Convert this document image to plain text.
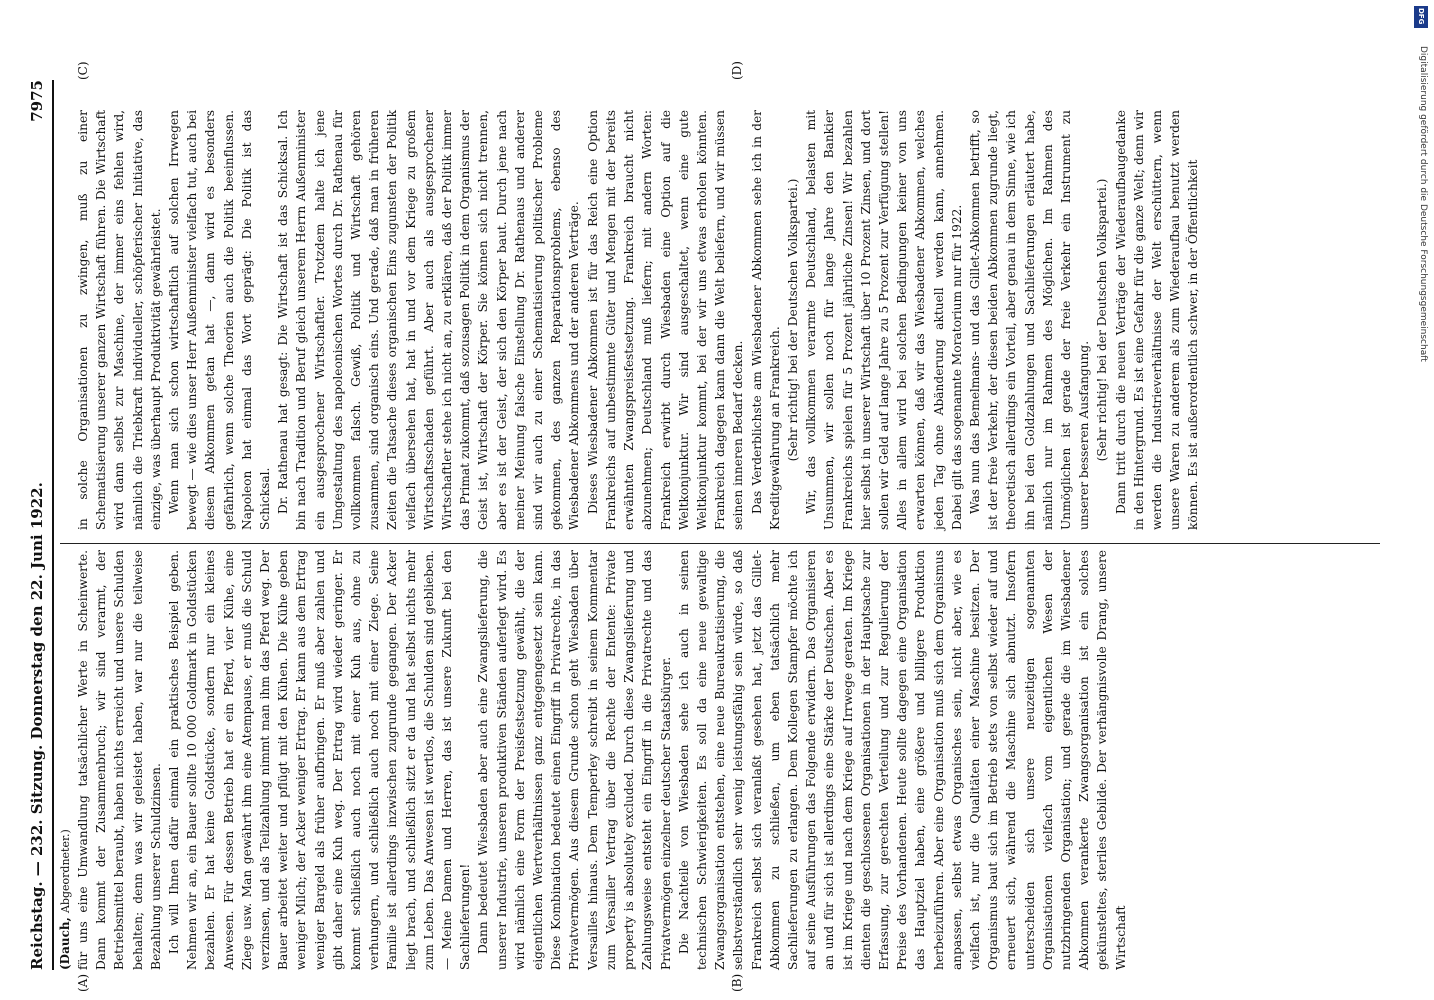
Reichstag. — 232. Sitzung. Donnerstag den 22. Juni 1922.
7975
(Dauch, Abgeordneter.)
(A)	(B)
(C)	(D)

für uns eine Umwandlung tatsächlicher Werte in Scheinwerte. Dann kommt der Zusammenbruch; wir sind verarmt, der Betriebsmittel beraubt, haben nichts erreicht und unsere Schulden behalten; denn was wir geleistet haben, war nur die teilweise Bezahlung unserer Schuldzinsen. Ich will Ihnen dafür einmal ein praktisches Beispiel geben. Nehmen wir an, ein Bauer sollte 10 000 Goldmark in Goldstücken bezahlen. Er hat keine Goldstücke, sondern nur ein kleines Anwesen. Für dessen Betrieb hat er ein Pferd, vier Kühe, eine Ziege usw. Man gewährt ihm eine Atempause, er muß die Schuld verzinsen, und als Teilzahlung nimmt man ihm das Pferd weg. Der Bauer arbeitet weiter und pflügt mit den Kühen. Die Kühe geben weniger Milch; der Acker weniger Ertrag. Er kann aus dem Ertrag weniger Bargeld als früher aufbringen. Er muß aber zahlen und gibt daher eine Kuh weg. Der Ertrag wird wieder geringer. Er kommt schließlich auch noch mit einer Kuh aus, ohne zu verhungern, und schließlich auch noch mit einer Ziege. Seine Familie ist allerdings inzwischen zugrunde gegangen. Der Acker liegt brach, und schließlich sitzt er da und hat selbst nichts mehr zum Leben. Das Anwesen ist wertlos, die Schulden sind geblieben. — Meine Damen und Herren, das ist unsere Zukunft bei den Sachlieferungen! Dann bedeutet Wiesbaden aber auch eine Zwangslieferung, die unserer Industrie, unseren produktiven Ständen auferlegt wird. Es wird nämlich eine Form der Preisfestsetzung gewählt, die der eigentlichen Wertverhältnissen ganz entgegengesetzt sein kann. Diese Kombination bedeutet einen Eingriff in Privatrechte, in das Privatvermögen. Aus diesem Grunde schon geht Wiesbaden über Versailles hinaus. Dem Temperley schreibt in seinem Kommentar zum Versailler Vertrag über die Rechte der Entente: Private property is absolutely excluded. Durch diese Zwangslieferung und Zahlungsweise entsteht ein Eingriff in die Privatrechte und das Privatvermögen einzelner deutscher Staatsbürger. Die Nachteile von Wiesbaden sehe ich auch in seinen technischen Schwierigkeiten. Es soll da eine neue gewaltige Zwangsorganisation entstehen, eine neue Bureaukratisierung, die selbstverständlich sehr wenig leistungsfähig sein würde, so daß Frankreich selbst sich veranlaßt gesehen hat, jetzt das Gillet-Abkommen zu schließen, um eben tatsächlich mehr Sachlieferungen zu erlangen. Dem Kollegen Stampfer möchte ich auf seine Ausführungen das Folgende erwidern. Das Organisieren an und für sich ist allerdings eine Stärke der Deutschen. Aber es ist im Kriege und nach dem Kriege auf Irrwege geraten. Im Kriege dienten die geschlossenen Organisationen in der Hauptsache zur Erfassung, zur gerechten Verteilung und zur Regulierung der Preise des Vorhandenen. Heute sollte dagegen eine Organisation das Hauptziel haben, eine größere und billigere Produktion herbeizuführen. Aber eine Organisation muß sich dem Organismus anpassen, selbst etwas Organisches sein, nicht aber, wie es vielfach ist, nur die Qualitäten einer Maschine besitzen. Der Organismus baut sich im Betrieb stets von selbst wieder auf und erneuert sich, während die Maschine sich abnutzt. Insofern unterscheiden sich unsere neuzeitigen sogenannten Organisationen vielfach vom eigentlichen Wesen der nutzbringenden Organisation; und gerade die im Wiesbadener Abkommen verankerte Zwangsorganisation ist ein solches gekünsteltes, steriles Gebilde. Der verhängnisvolle Drang, unsere Wirtschaft

in solche Organisationen zu zwingen, muß zu einer Schematisierung unserer ganzen Wirtschaft führen. Die Wirtschaft wird dann selbst zur Maschine, der immer eins fehlen wird, nämlich die Triebkraft individueller, schöpferischer Initiative, das einzige, was überhaupt Produktivität gewährleistet. Wenn man sich schon wirtschaftlich auf solchen Irrwegen bewegt — wie dies unser Herr Außenminister vielfach tut, auch bei diesem Abkommen getan hat —, dann wird es besonders gefährlich, wenn solche Theorien auch die Politik beeinflussen. Napoleon hat einmal das Wort geprägt: Die Politik ist das Schicksal. Dr. Rathenau hat gesagt: Die Wirtschaft ist das Schicksal. Ich bin nach Tradition und Beruf gleich unserem Herrn Außenminister ein ausgesprochener Wirtschaftler. Trotzdem halte ich jene Umgestaltung des napoleonischen Wortes durch Dr. Rathenau für vollkommen falsch. Gewiß, Politik und Wirtschaft gehören zusammen, sind organisch eins. Und gerade, daß man in früheren Zeiten die Tatsache dieses organischen Eins zugunsten der Politik vielfach übersehen hat, hat in und vor dem Kriege zu großem Wirtschaftsschaden geführt. Aber auch als ausgesprochener Wirtschaftler stehe ich nicht an, zu erklären, daß der Politik immer das Primat zukommt, daß sozusagen Politik in dem Organismus der Geist ist, Wirtschaft der Körper. Sie können sich nicht trennen, aber es ist der Geist, der sich den Körper baut. Durch jene nach meiner Meinung falsche Einstellung Dr. Rathenaus und anderer sind wir auch zu einer Schematisierung politischer Probleme gekommen, des ganzen Reparationsproblems, ebenso des Wiesbadener Abkommens und der anderen Verträge. Dieses Wiesbadener Abkommen ist für das Reich eine Option Frankreichs auf unbestimmte Güter und Mengen mit der bereits erwähnten Zwangspreisfestsetzung. Frankreich braucht nicht abzunehmen; Deutschland muß liefern; mit andern Worten: Frankreich erwirbt durch Wiesbaden eine Option auf die Weltkonjunktur. Wir sind ausgeschaltet, wenn eine gute Weltkonjunktur kommt, bei der wir uns etwas erholen könnten. Frankreich dagegen kann dann die Welt beliefern, und wir müssen seinen inneren Bedarf decken. Das Verderblichste am Wiesbadener Abkommen sehe ich in der Kreditgewährung an Frankreich. (Sehr richtig! bei der Deutschen Volkspartei.) Wir, das vollkommen verarmte Deutschland, belasten mit Unsummen, wir sollen noch für lange Jahre den Bankier Frankreichs spielen für 5 Prozent jährliche Zinsen! Wir bezahlen hier selbst in unserer Wirtschaft über 10 Prozent Zinsen, und dort sollen wir Geld auf lange Jahre zu 5 Prozent zur Verfügung stellen! Alles in allem wird bei solchen Bedingungen keiner von uns erwarten können, daß wir das Wiesbadener Abkommen, welches jeden Tag ohne Abänderung aktuell werden kann, annehmen. Dabei gilt das sogenannte Moratorium nur für 1922. Was nun das Bemelmans- und das Gillet-Abkommen betrifft, so ist der freie Verkehr, der diesen beiden Abkommen zugrunde liegt, theoretisch allerdings ein Vorteil, aber genau in dem Sinne, wie ich ihn bei den Goldzahlungen und Sachlieferungen erläutert habe, nämlich nur im Rahmen des Möglichen. Im Rahmen des Unmöglichen ist gerade der freie Verkehr ein Instrument zu unserer besseren Ausfangung. (Sehr richtig! bei der Deutschen Volkspartei.) Dann tritt durch die neuen Verträge der Wiederaufbaugedanke in den Hintergrund. Es ist eine Gefahr für die ganze Welt; denn wir werden die Industrieverhältnisse der Welt erschüttern, wenn unsere Waren zu anderem als zum Wiederaufbau benutzt werden können. Es ist außerordentlich schwer, in der Öffentlichkeit

DFG
Digitalisierung gefördert durch die Deutsche Forschungsgemeinschaft
